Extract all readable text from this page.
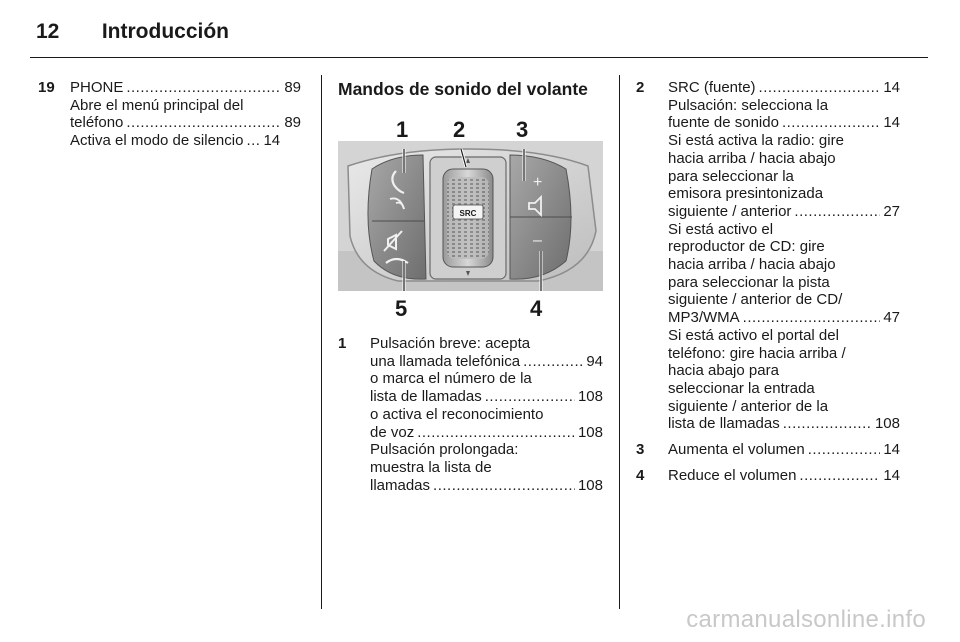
12 Introducción
19 PHONE .....	89
Abre el menú principal del
teléfono .....	89
Activa el modo de silencio ..... 14
Mandos de sonido del volante
SRC
+
–
1 2 3
4
5
1 Pulsación breve: acepta
una llamada telefónica .....	94
o marca el número de la
lista de llamadas .....	108
o activa el reconocimiento
de voz .....	108
Pulsación prolongada:
muestra la lista de
llamadas .....	108
2 SRC (fuente) .....	14
Pulsación: selecciona la
fuente de sonido .....	14
Si está activa la radio: gire
hacia arriba / hacia abajo
para seleccionar la
emisora presintonizada
siguiente / anterior .....	27
Si está activo el
reproductor de CD: gire
hacia arriba / hacia abajo
para seleccionar la pista
siguiente / anterior de CD/
MP3/WMA .....	47
Si está activo el portal del
teléfono: gire hacia arriba /
hacia abajo para
seleccionar la entrada
siguiente / anterior de la
lista de llamadas .....	108
3 Aumenta el volumen .....	14
4 Reduce el volumen .....	14
carmanualsonline.info
